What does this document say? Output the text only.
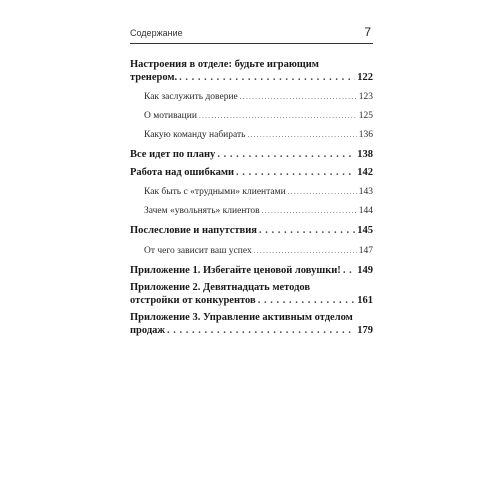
Содержание	7
Настроения в отделе: будьте играющим
тренером. . . .	122
Как заслужить доверие . . .	123
О мотивации . . .	125
Какую команду набирать . . .	136
Все идет по плану . . .	138
Работа над ошибками . . .	142
Как быть с «трудными» клиентами . . .	143
Зачем «увольнять» клиентов . . .	144
Послесловие и напутствия . . .	145
От чего зависит ваш успех . . .	147
Приложение 1. Избегайте ценовой ловушки! . . . 149
Приложение 2. Девятнадцать методов
отстройки от конкурентов . . .	161
Приложение 3. Управление активным отделом
продаж . . .	179
